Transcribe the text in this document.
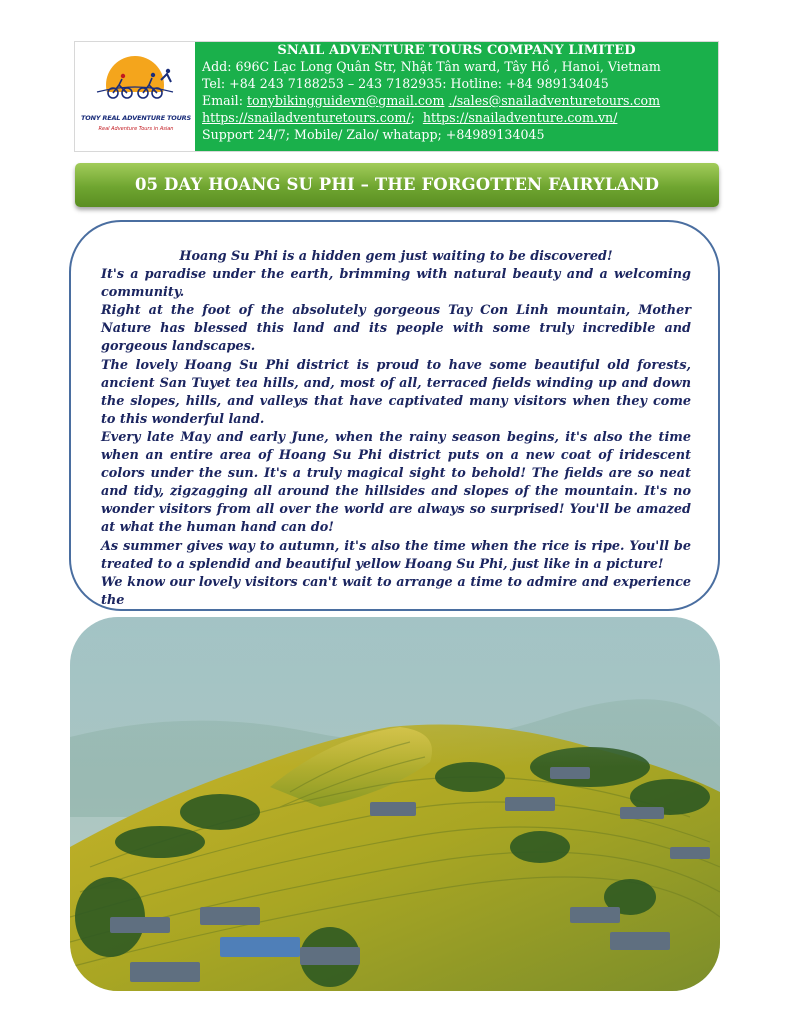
TONY REAL ADVENTURE TOURS
Real Adventure Tours in Asian
SNAIL ADVENTURE TOURS COMPANY LIMITED
Add: 696C Lạc Long Quân Str, Nhật Tân ward, Tây Hồ , Hanoi, Vietnam
Tel: +84 243 7188253 – 243 7182935: Hotline: +84 989134045
Email: tonybikingguidevn@gmail.com ./sales@snailadventuretours.com
https://snailadventuretours.com/; https://snailadventure.com.vn/
Support 24/7; Mobile/ Zalo/ whatapp; +84989134045
05 DAY HOANG SU PHI – THE FORGOTTEN FAIRYLAND

Hoang Su Phi is a hidden gem just waiting to be discovered!

It's a paradise under the earth, brimming with natural beauty and a welcoming community.

Right at the foot of the absolutely gorgeous Tay Con Linh mountain, Mother Nature has blessed this land and its people with some truly incredible and gorgeous landscapes.

The lovely Hoang Su Phi district is proud to have some beautiful old forests, ancient San Tuyet tea hills, and, most of all, terraced fields winding up and down the slopes, hills, and valleys that have captivated many visitors when they come to this wonderful land.

Every late May and early June, when the rainy season begins, it's also the time when an entire area of Hoang Su Phi district puts on a new coat of iridescent colors under the sun. It's a truly magical sight to behold! The fields are so neat and tidy, zigzagging all around the hillsides and slopes of the mountain. It's no wonder visitors from all over the world are always so surprised! You'll be amazed at what the human hand can do!

As summer gives way to autumn, it's also the time when the rice is ripe. You'll be treated to a splendid and beautiful yellow Hoang Su Phi, just like in a picture!

We know our lovely visitors can't wait to arrange a time to admire and experience the
